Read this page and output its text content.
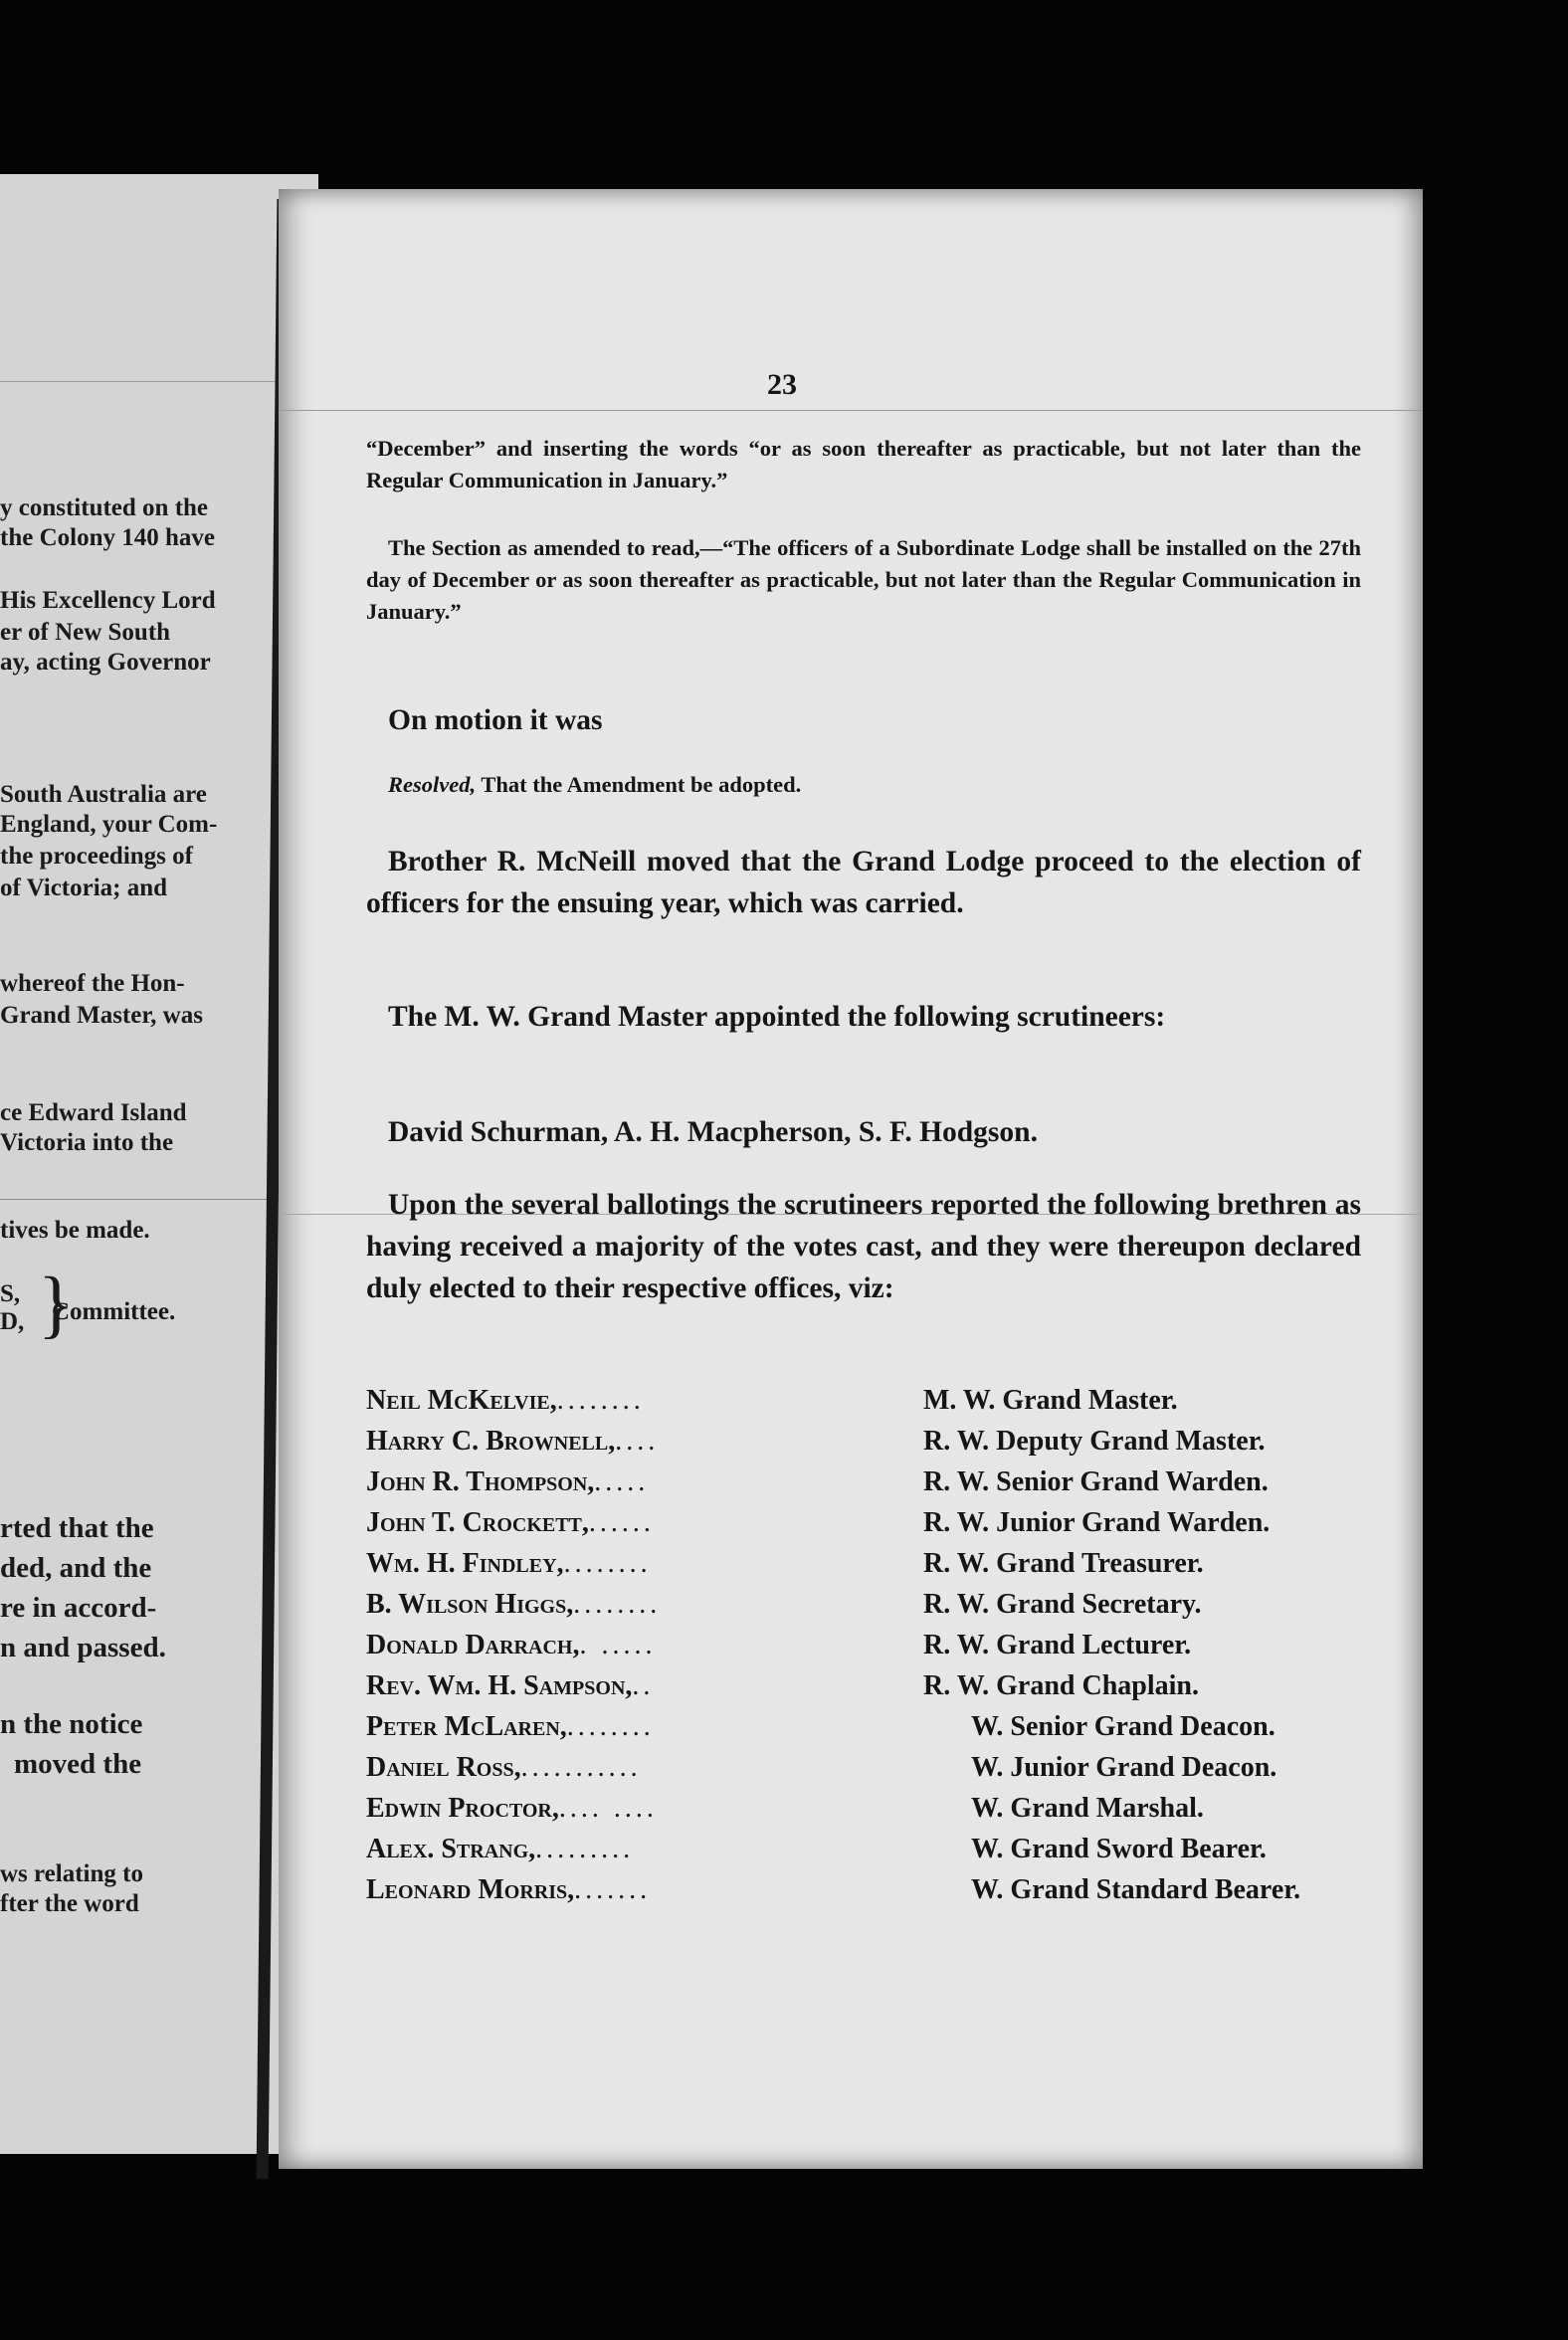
y constituted on the
the Colony 140 have
His Excellency Lord
er of New South
ay, acting Governor
South Australia are
England, your Com-
the proceedings of
of Victoria; and
whereof the Hon-
Grand Master, was
ce Edward Island
Victoria into the
tives be made.
S,
D, }
Committee.
rted that the
ded, and the
re in accord-
n and passed.
n the notice
moved the
ws relating to
fter the word
23
“December” and inserting the words “or as soon thereafter as practicable, but not later than the Regular Communication in January.”
The Section as amended to read,—“The officers of a Subordinate Lodge shall be installed on the 27th day of December or as soon thereafter as practicable, but not later than the Regular Communication in January.”
On motion it was
Resolved, That the Amendment be adopted.
Brother R. McNeill moved that the Grand Lodge proceed to the election of officers for the ensuing year, which was carried.
The M. W. Grand Master appointed the following scrutineers:
David Schurman, A. H. Macpherson, S. F. Hodgson.
Upon the several ballotings the scrutineers reported the following brethren as having received a majority of the votes cast, and they were thereupon declared duly elected to their respective offices, viz:
Neil McKelvie, ........	M. W. Grand Master.
Harry C. Brownell, ....	R. W. Deputy Grand Master.
John R. Thompson, .....	R. W. Senior Grand Warden.
John T. Crockett, ......	R. W. Junior Grand Warden.
Wm. H. Findley, ........	R. W. Grand Treasurer.
B. Wilson Higgs, ........	R. W. Grand Secretary.
Donald Darrach, . .....	R. W. Grand Lecturer.
Rev. Wm. H. Sampson, ..	R. W. Grand Chaplain.
Peter McLaren, ........	W. Senior Grand Deacon.
Daniel Ross, ...........	W. Junior Grand Deacon.
Edwin Proctor, .... ....	W. Grand Marshal.
Alex. Strang, .........	W. Grand Sword Bearer.
Leonard Morris, .......	W. Grand Standard Bearer.
